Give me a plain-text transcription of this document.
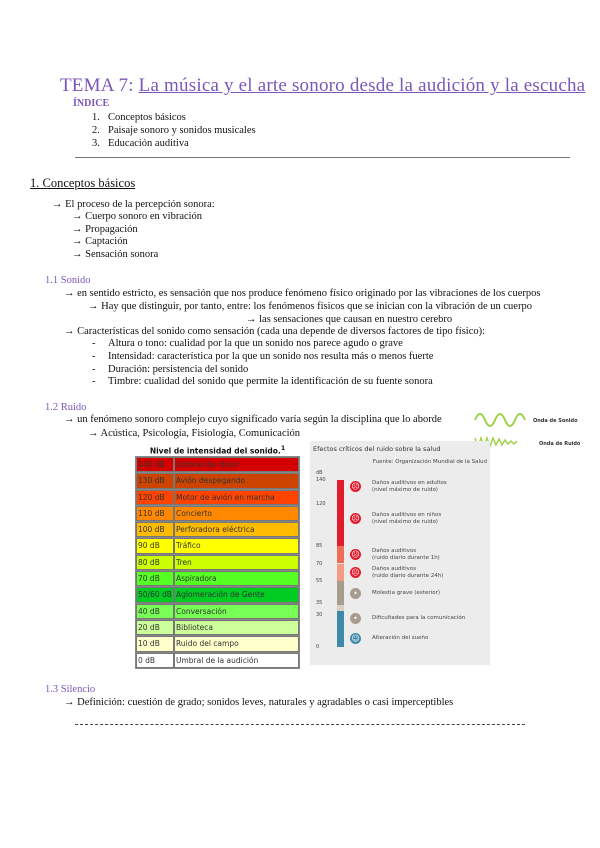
TEMA 7: La música y el arte sonoro desde la audición y la escucha
ÍNDICE
1. Conceptos básicos
2. Paisaje sonoro y sonidos musicales
3. Educación auditiva
1. Conceptos básicos
→ El proceso de la percepción sonora:
→ Cuerpo sonoro en vibración
→ Propagación
→ Captación
→ Sensación sonora
1.1 Sonido
→ en sentido estricto, es sensación que nos produce fenómeno físico originado por las vibraciones de los cuerpos
→ Hay que distinguir, por tanto, entre: los fenómenos físicos que se inician con la vibración de un cuerpo
→ las sensaciones que causan en nuestro cerebro
→ Características del sonido como sensación (cada una depende de diversos factores de tipo físico):
- Altura o tono: cualidad por la que un sonido nos parece agudo o grave
- Intensidad: característica por la que un sonido nos resulta más o menos fuerte
- Duración: persistencia del sonido
- Timbre: cualidad del sonido que permite la identificación de su fuente sonora
1.2 Ruido
→ un fenómeno sonoro complejo cuyo significado varía según la disciplina que lo aborde
→ Acústica, Psicología, Fisiología, Comunicación
Onda de Sonido
Onda de Ruido
Nivel de intensidad del sonido.$^1$
140 dB	Umbral del dolor
130 dB	Avión despegando
120 dB	Motor de avión en marcha
110 dB	Concierto
100 dB	Perforadora eléctrica
90 dB	Tráfico
80 dB	Tren
70 dB	Aspiradora
50/60 dB Aglomeración de Gente
40 dB	Conversación
20 dB	Biblioteca
10 dB	Ruido del campo
0 dB	Umbral de la audición
Efectos críticos del ruido sobre la salud
Fuente: Organización Mundial de la Salud
dB
140
120
85
70
55
35
30
0
☹ Daños auditivos en adultos
(nivel máximo de ruido)
☹ Daños auditivos en niños
(nivel máximo de ruido)
☹ Daños auditivos
(ruido diario durante 1h)
☹ Daños auditivos
(ruido diario durante 24h)
•	Molestia grave (exterior)
•	Dificultades para la comunicación
☺ Alteración del sueño
1.3 Silencio
→ Definición: cuestión de grado; sonidos leves, naturales y agradables o casi imperceptibles
